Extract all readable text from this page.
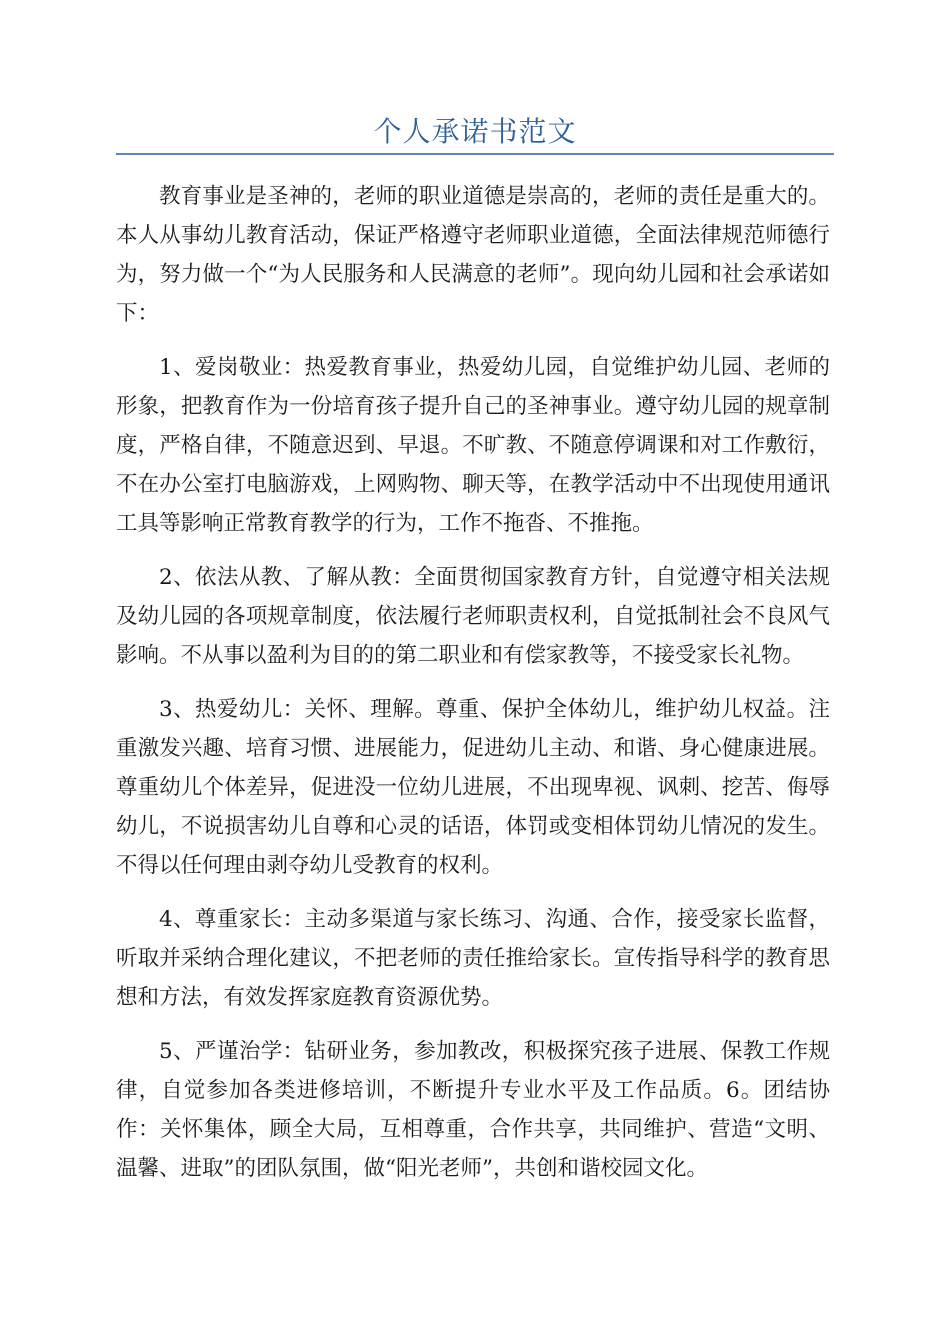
个人承诺书范文

教育事业是圣神的，老师的职业道德是崇高的，老师的责任是重大的。本人从事幼儿教育活动，保证严格遵守老师职业道德，全面法律规范师德行为，努力做一个“为人民服务和人民满意的老师”。现向幼儿园和社会承诺如下：

1、爱岗敬业：热爱教育事业，热爱幼儿园，自觉维护幼儿园、老师的形象，把教育作为一份培育孩子提升自己的圣神事业。遵守幼儿园的规章制度，严格自律，不随意迟到、早退。不旷教、不随意停调课和对工作敷衍，不在办公室打电脑游戏，上网购物、聊天等，在教学活动中不出现使用通讯工具等影响正常教育教学的行为，工作不拖沓、不推拖。

2、依法从教、了解从教：全面贯彻国家教育方针，自觉遵守相关法规及幼儿园的各项规章制度，依法履行老师职责权利，自觉抵制社会不良风气影响。不从事以盈利为目的的第二职业和有偿家教等，不接受家长礼物。

3、热爱幼儿：关怀、理解。尊重、保护全体幼儿，维护幼儿权益。注重激发兴趣、培育习惯、进展能力，促进幼儿主动、和谐、身心健康进展。尊重幼儿个体差异，促进没一位幼儿进展，不出现卑视、讽刺、挖苦、侮辱幼儿，不说损害幼儿自尊和心灵的话语，体罚或变相体罚幼儿情况的发生。不得以任何理由剥夺幼儿受教育的权利。

4、尊重家长：主动多渠道与家长练习、沟通、合作，接受家长监督，听取并采纳合理化建议，不把老师的责任推给家长。宣传指导科学的教育思想和方法，有效发挥家庭教育资源优势。

5、严谨治学：钻研业务，参加教改，积极探究孩子进展、保教工作规律，自觉参加各类进修培训，不断提升专业水平及工作品质。6。团结协作：关怀集体，顾全大局，互相尊重，合作共享，共同维护、营造“文明、温馨、进取”的团队氛围，做“阳光老师”，共创和谐校园文化。
